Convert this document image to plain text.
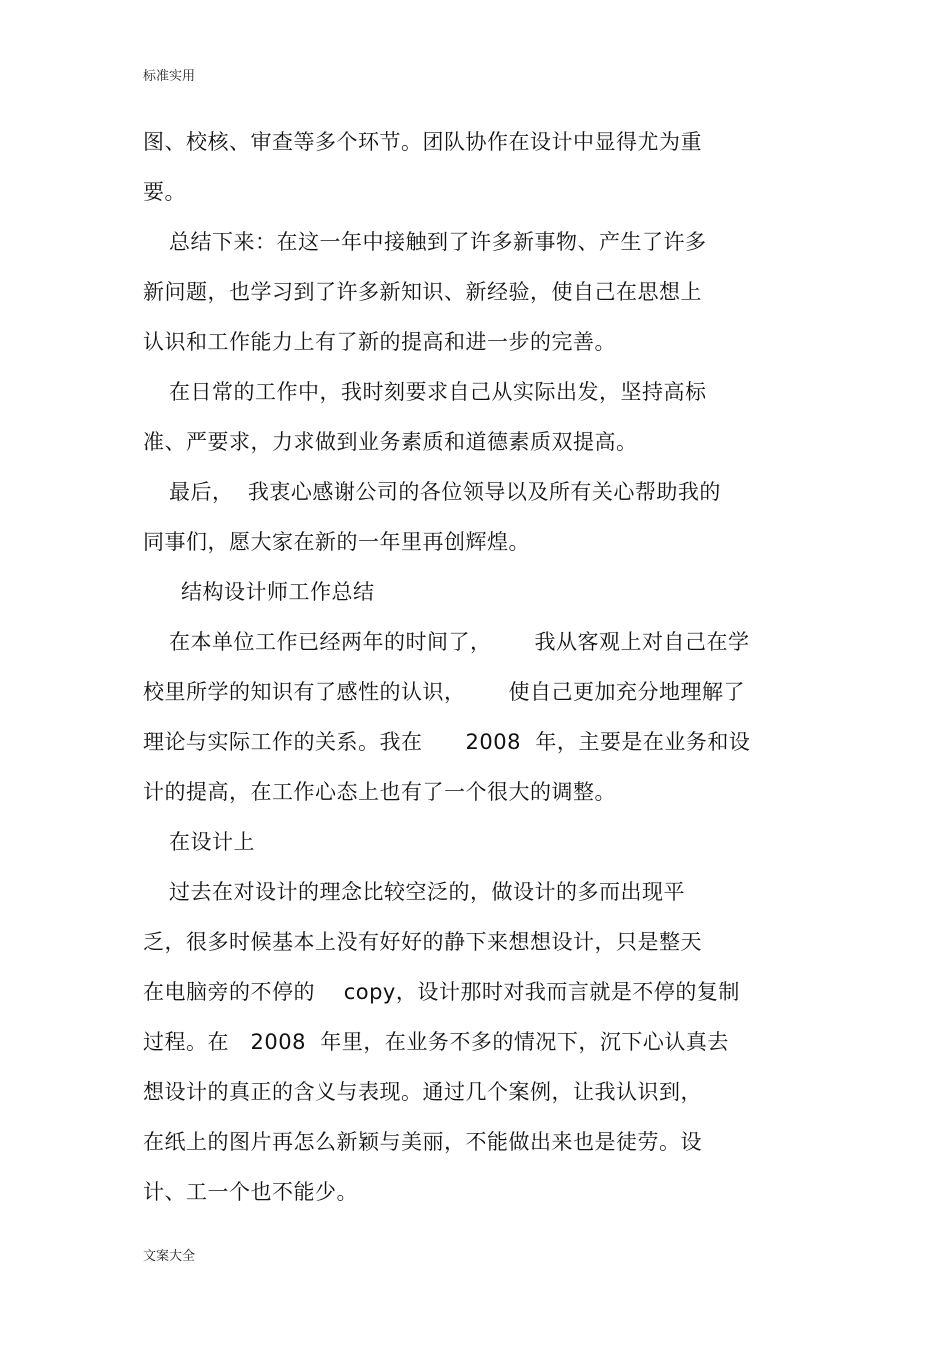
标准实用
图、校核、审查等多个环节。团队协作在设计中显得尤为重
要。
总结下来：在这一年中接触到了许多新事物、产生了许多
新问题，也学习到了许多新知识、新经验，使自己在思想上
认识和工作能力上有了新的提高和进一步的完善。
在日常的工作中，我时刻要求自己从实际出发，坚持高标
准、严要求，力求做到业务素质和道德素质双提高。
最后，  我衷心感谢公司的各位领导以及所有关心帮助我的
同事们，愿大家在新的一年里再创辉煌。
结构设计师工作总结
在本单位工作已经两年的时间了，      我从客观上对自己在学
校里所学的知识有了感性的认识，      使自己更加充分地理解了
理论与实际工作的关系。我在      2008  年，主要是在业务和设
计的提高，在工作心态上也有了一个很大的调整。
在设计上
过去在对设计的理念比较空泛的，做设计的多而出现平
乏，很多时候基本上没有好好的静下来想想设计，只是整天
在电脑旁的不停的    copy，设计那时对我而言就是不停的复制
过程。在   2008  年里，在业务不多的情况下，沉下心认真去
想设计的真正的含义与表现。通过几个案例，让我认识到，
在纸上的图片再怎么新颖与美丽，不能做出来也是徒劳。设
计、工一个也不能少。
文案大全
